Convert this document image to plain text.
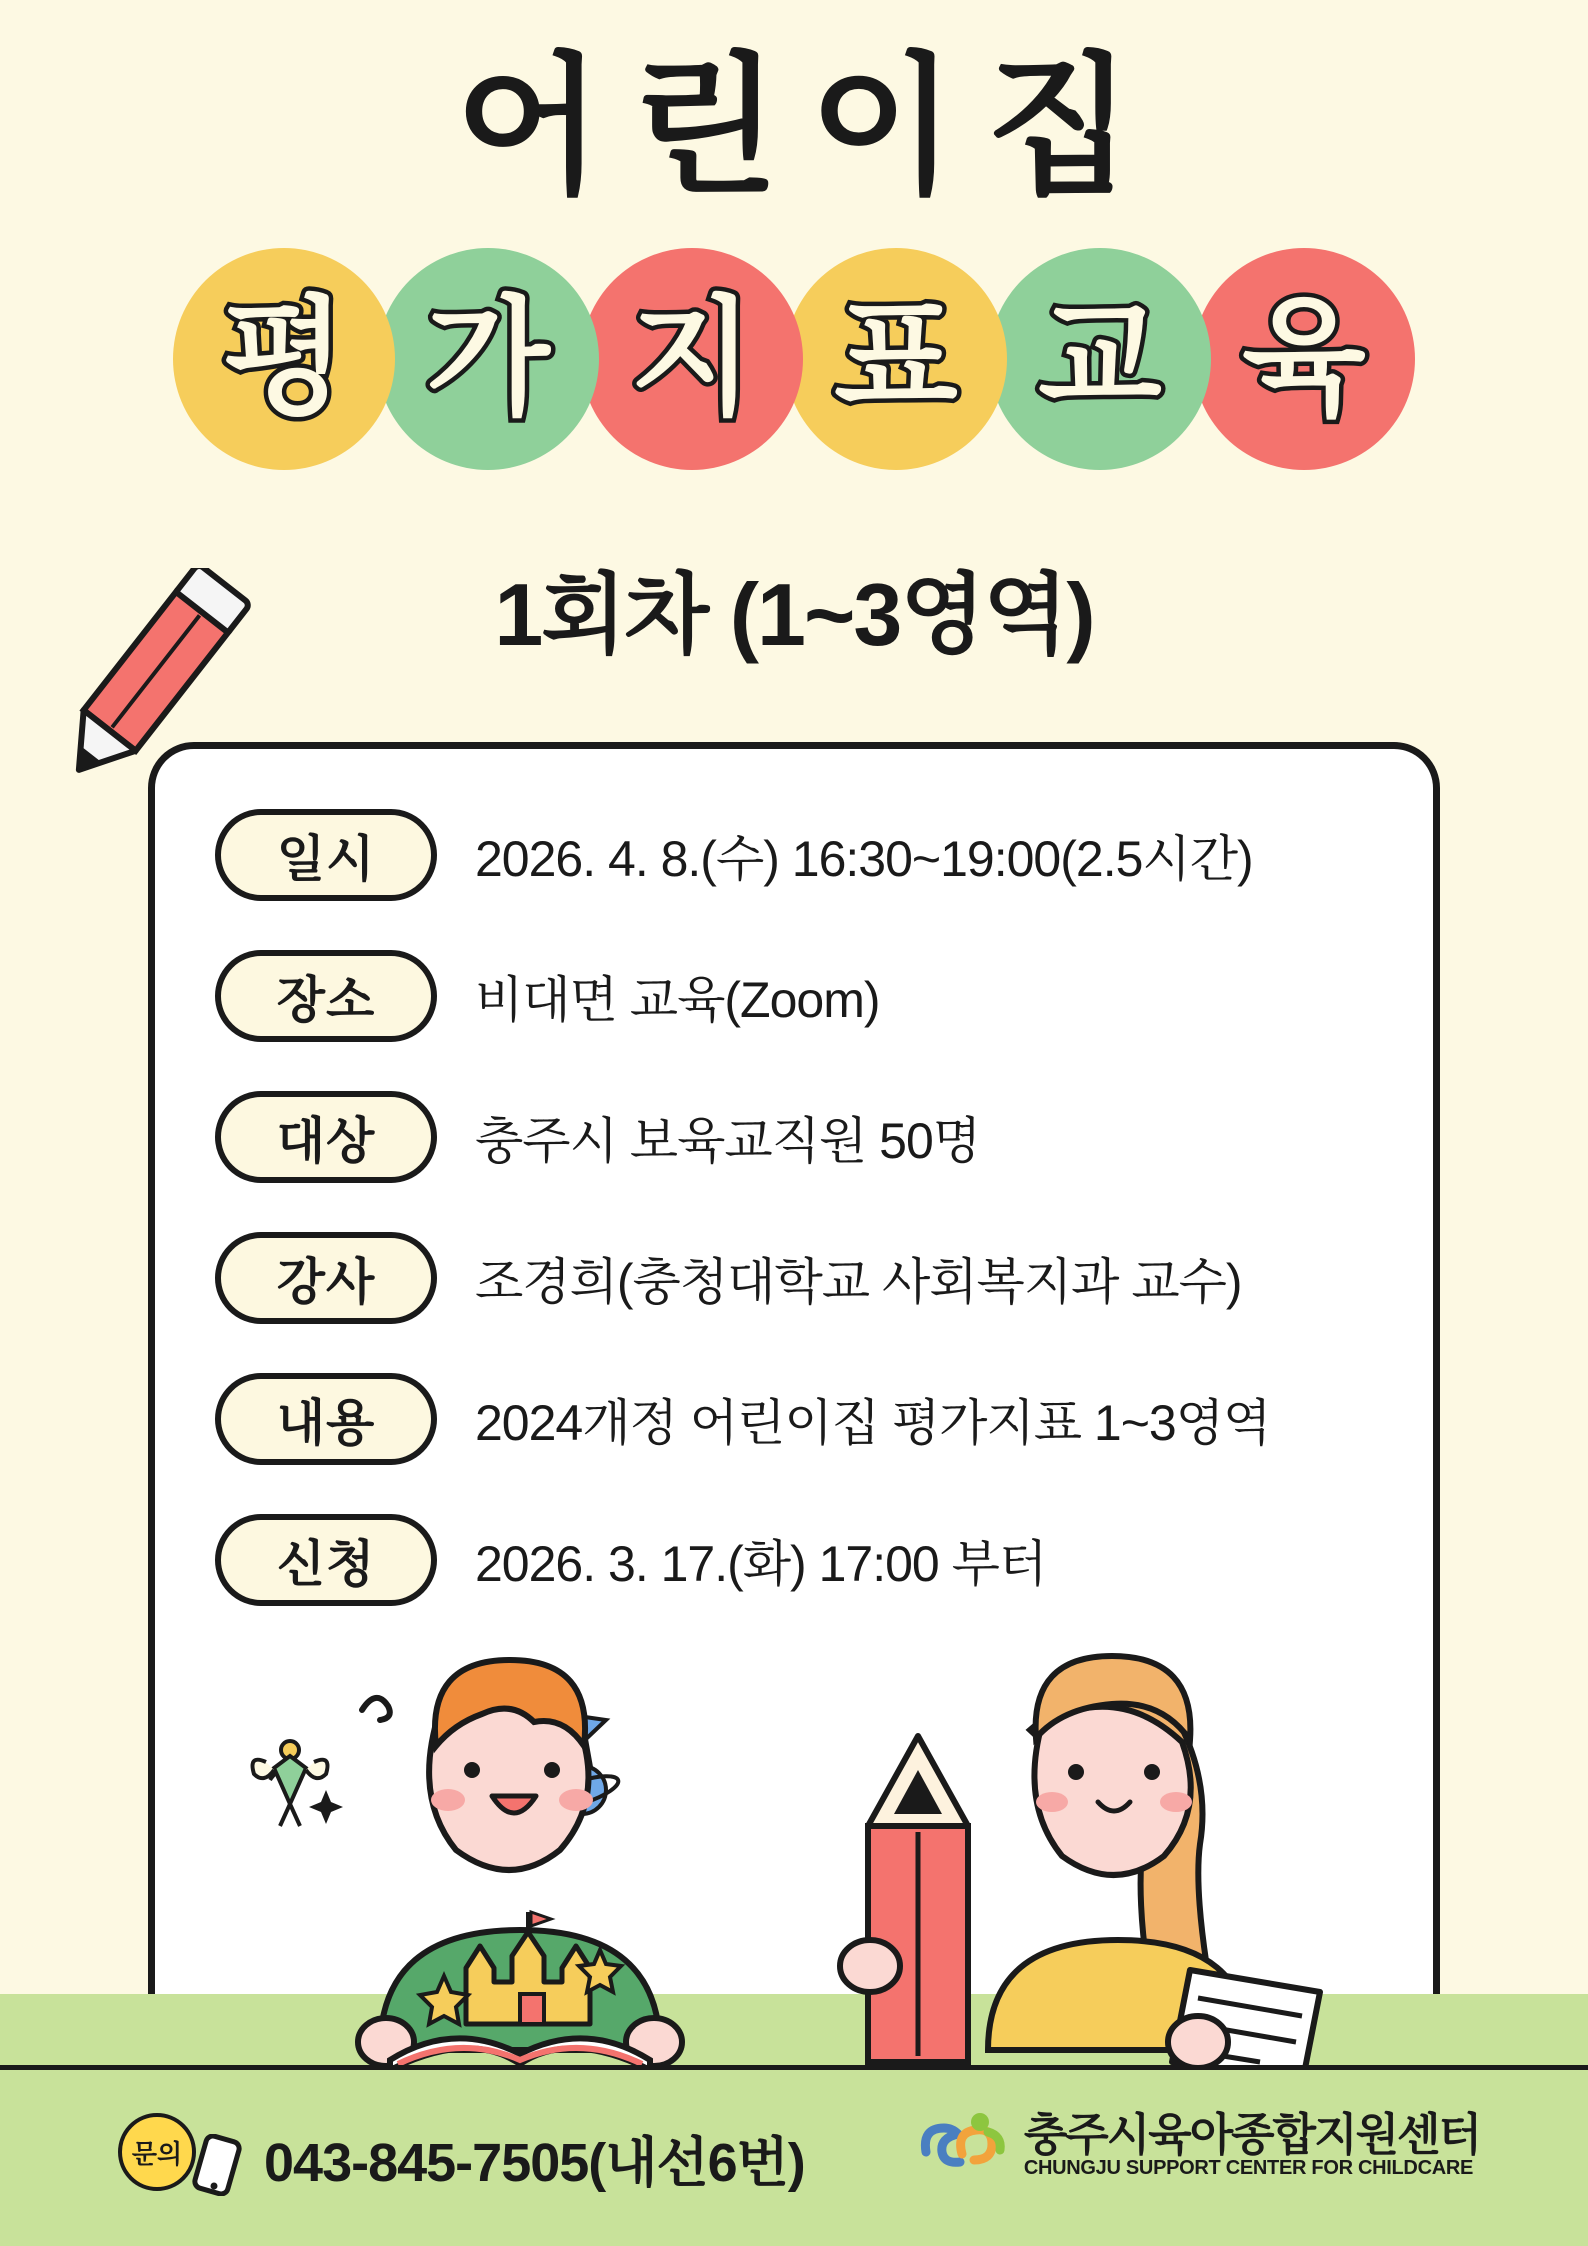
어린이집
평 가 지 표 교 육
1회차 (1~3영역)
일시	2026. 4. 8.(수) 16:30~19:00(2.5시간)
장소	비대면 교육(Zoom)
대상	충주시 보육교직원 50명
강사	조경희(충청대학교 사회복지과 교수)
내용	2024개정 어린이집 평가지표 1~3영역
신청	2026. 3. 17.(화) 17:00 부터
문의 043-845-7505(내선6번)	충주시육아종합지원센터
CHUNGJU SUPPORT CENTER FOR CHILDCARE
